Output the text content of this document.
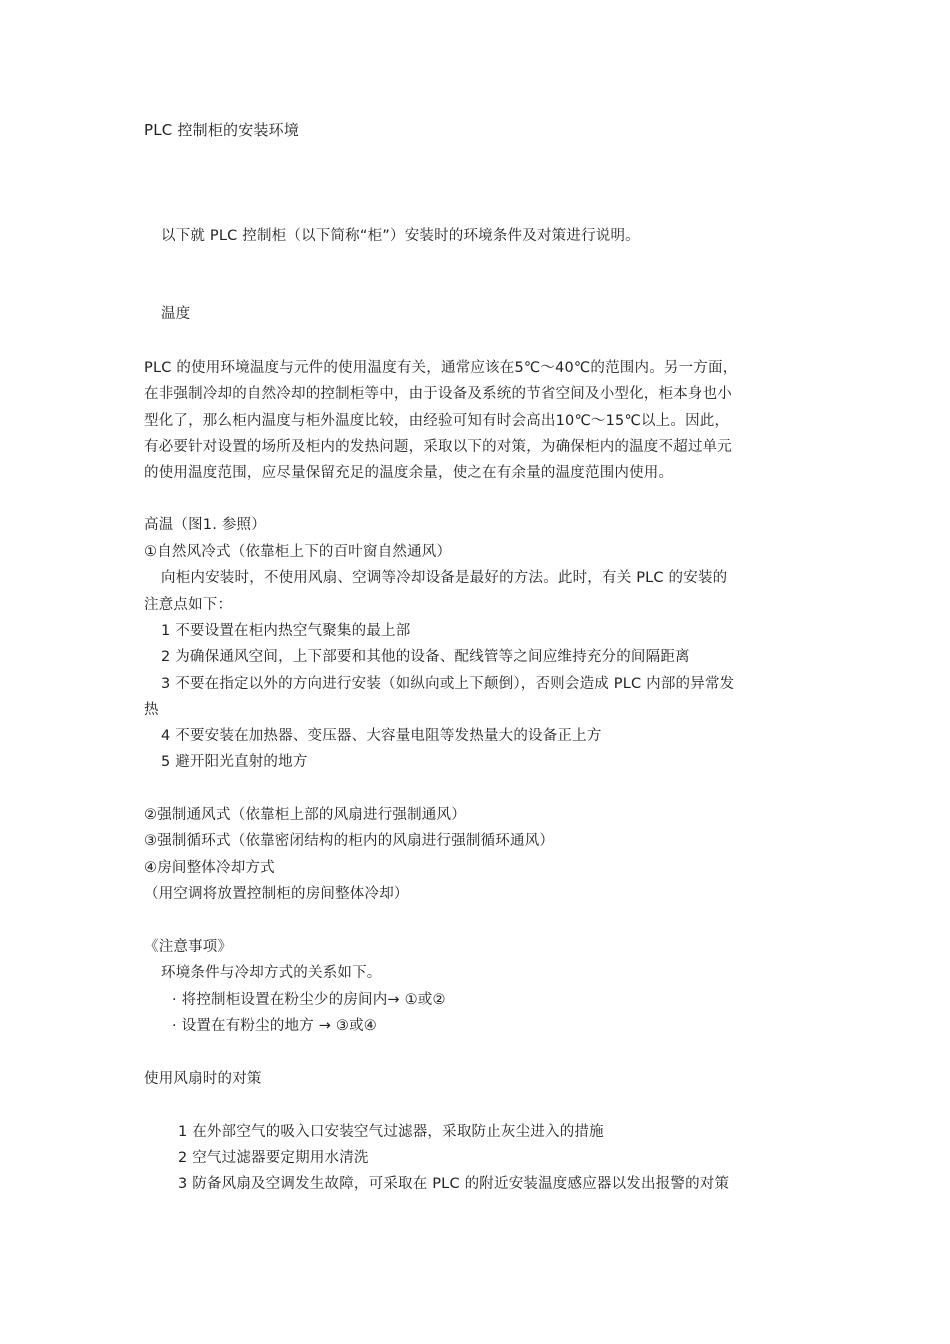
PLC 控制柜的安装环境
以下就 PLC 控制柜（以下简称“柜”）安装时的环境条件及对策进行说明。
温度
PLC 的使用环境温度与元件的使用温度有关，通常应该在5℃～40℃的范围内。另一方面，
在非强制冷却的自然冷却的控制柜等中，由于设备及系统的节省空间及小型化，柜本身也小
型化了，那么柜内温度与柜外温度比较，由经验可知有时会高出10℃～15℃以上。因此，
有必要针对设置的场所及柜内的发热问题，采取以下的对策，为确保柜内的温度不超过单元
的使用温度范围，应尽量保留充足的温度余量，使之在有余量的温度范围内使用。
高温（图1. 参照）
①自然风冷式（依靠柜上下的百叶窗自然通风）
向柜内安装时，不使用风扇、空调等冷却设备是最好的方法。此时，有关 PLC 的安装的
注意点如下：
1 不要设置在柜内热空气聚集的最上部
2 为确保通风空间，上下部要和其他的设备、配线管等之间应维持充分的间隔距离
3 不要在指定以外的方向进行安装（如纵向或上下颠倒），否则会造成 PLC 内部的异常发
热
4 不要安装在加热器、变压器、大容量电阻等发热量大的设备正上方
5 避开阳光直射的地方
②强制通风式（依靠柜上部的风扇进行强制通风）
③强制循环式（依靠密闭结构的柜内的风扇进行强制循环通风）
④房间整体冷却方式
（用空调将放置控制柜的房间整体冷却）
《注意事项》
环境条件与冷却方式的关系如下。
· 将控制柜设置在粉尘少的房间内→ ①或②
· 设置在有粉尘的地方 → ③或④
使用风扇时的对策
1 在外部空气的吸入口安装空气过滤器，采取防止灰尘进入的措施
2 空气过滤器要定期用水清洗
3 防备风扇及空调发生故障，可采取在 PLC 的附近安装温度感应器以发出报警的对策
